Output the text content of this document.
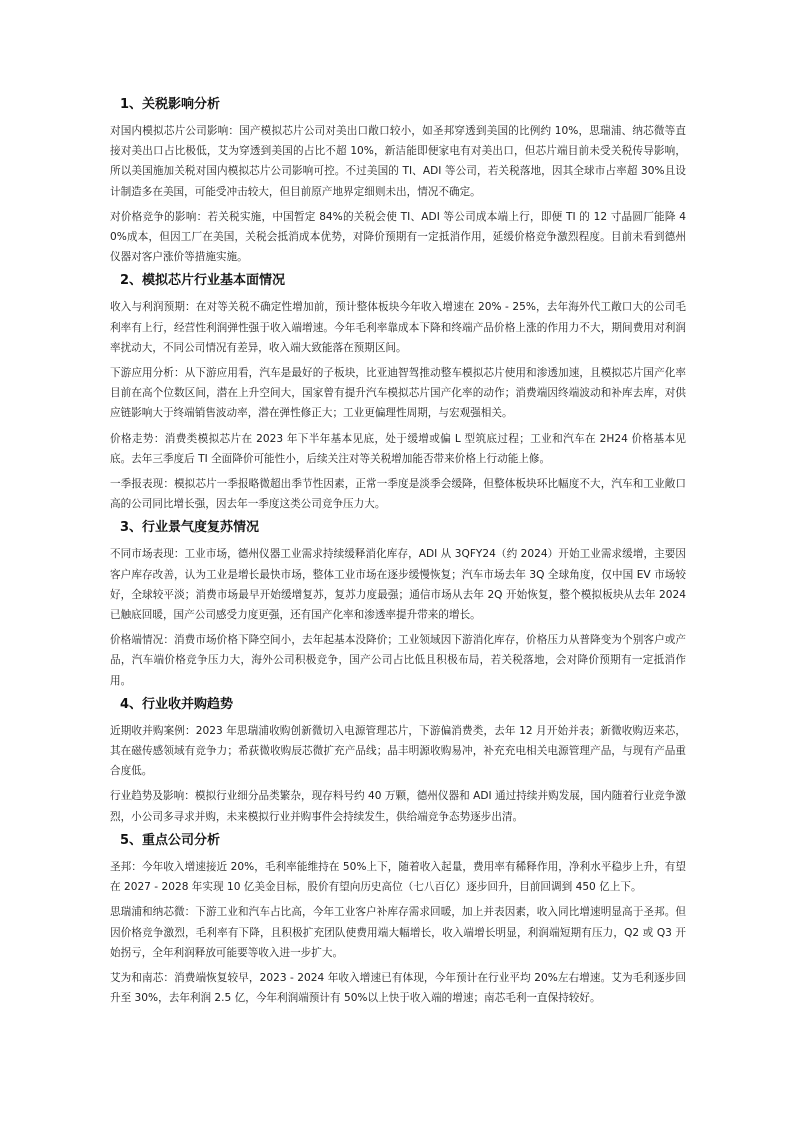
1、关税影响分析

对国内模拟芯片公司影响：国产模拟芯片公司对美出口敞口较小，如圣邦穿透到美国的比例约 10%，思瑞浦、纳芯微等直接对美出口占比极低，艾为穿透到美国的占比不超 10%，新洁能即便家电有对美出口，但芯片端目前未受关税传导影响，所以美国施加关税对国内模拟芯片公司影响可控。不过美国的 TI、ADI 等公司，若关税落地，因其全球市占率超 30%且设计制造多在美国，可能受冲击较大，但目前原产地界定细则未出，情况不确定。

对价格竞争的影响：若关税实施，中国暂定 84%的关税会使 TI、ADI 等公司成本端上行，即便 TI 的 12 寸晶圆厂能降 40%成本，但因工厂在美国，关税会抵消成本优势，对降价预期有一定抵消作用，延缓价格竞争激烈程度。目前未看到德州仪器对客户涨价等措施实施。

2、模拟芯片行业基本面情况

收入与利润预期：在对等关税不确定性增加前，预计整体板块今年收入增速在 20% - 25%，去年海外代工敞口大的公司毛利率有上行，经营性利润弹性强于收入端增速。今年毛利率靠成本下降和终端产品价格上涨的作用力不大，期间费用对利润率扰动大，不同公司情况有差异，收入端大致能落在预期区间。

下游应用分析：从下游应用看，汽车是最好的子板块，比亚迪智驾推动整车模拟芯片使用和渗透加速，且模拟芯片国产化率目前在高个位数区间，潜在上升空间大，国家曾有提升汽车模拟芯片国产化率的动作；消费端因终端波动和补库去库，对供应链影响大于终端销售波动率，潜在弹性修正大；工业更偏理性周期，与宏观强相关。

价格走势：消费类模拟芯片在 2023 年下半年基本见底，处于缓增或偏 L 型筑底过程；工业和汽车在 2H24 价格基本见底。去年三季度后 TI 全面降价可能性小，后续关注对等关税增加能否带来价格上行动能上修。

一季报表现：模拟芯片一季报略微超出季节性因素，正常一季度是淡季会缓降，但整体板块环比幅度不大，汽车和工业敞口高的公司同比增长强，因去年一季度这类公司竞争压力大。

3、行业景气度复苏情况

不同市场表现：工业市场，德州仪器工业需求持续缓释消化库存，ADI 从 3QFY24（约 2024）开始工业需求缓增，主要因客户库存改善，认为工业是增长最快市场，整体工业市场在逐步缓慢恢复；汽车市场去年 3Q 全球角度，仅中国 EV 市场较好，全球较平淡；消费市场最早开始缓增复苏，复苏力度最强；通信市场从去年 2Q 开始恢复，整个模拟板块从去年 2024 已触底回暖，国产公司感受力度更强，还有国产化率和渗透率提升带来的增长。

价格端情况：消费市场价格下降空间小，去年起基本没降价；工业领域因下游消化库存，价格压力从普降变为个别客户或产品，汽车端价格竞争压力大，海外公司积极竞争，国产公司占比低且积极布局，若关税落地，会对降价预期有一定抵消作用。

4、行业收并购趋势

近期收并购案例：2023 年思瑞浦收购创新微切入电源管理芯片，下游偏消费类，去年 12 月开始并表；新微收购迈来芯，其在磁传感领域有竞争力；希荻微收购辰芯微扩充产品线；晶丰明源收购易冲，补充充电相关电源管理产品，与现有产品重合度低。

行业趋势及影响：模拟行业细分品类繁杂，现存料号约 40 万颗，德州仪器和 ADI 通过持续并购发展，国内随着行业竞争激烈，小公司多寻求并购，未来模拟行业并购事件会持续发生，供给端竞争态势逐步出清。

5、重点公司分析

圣邦：今年收入增速接近 20%，毛利率能维持在 50%上下，随着收入起量，费用率有稀释作用，净利水平稳步上升，有望在 2027 - 2028 年实现 10 亿美金目标，股价有望向历史高位（七八百亿）逐步回升，目前回调到 450 亿上下。

思瑞浦和纳芯微：下游工业和汽车占比高，今年工业客户补库存需求回暖，加上并表因素，收入同比增速明显高于圣邦。但因价格竞争激烈，毛利率有下降，且积极扩充团队使费用端大幅增长，收入端增长明显，利润端短期有压力，Q2 或 Q3 开始拐亏，全年利润释放可能要等收入进一步扩大。

艾为和南芯：消费端恢复较早，2023 - 2024 年收入增速已有体现，今年预计在行业平均 20%左右增速。艾为毛利逐步回升至 30%，去年利润 2.5 亿，今年利润端预计有 50%以上快于收入端的增速；南芯毛利一直保持较好。
